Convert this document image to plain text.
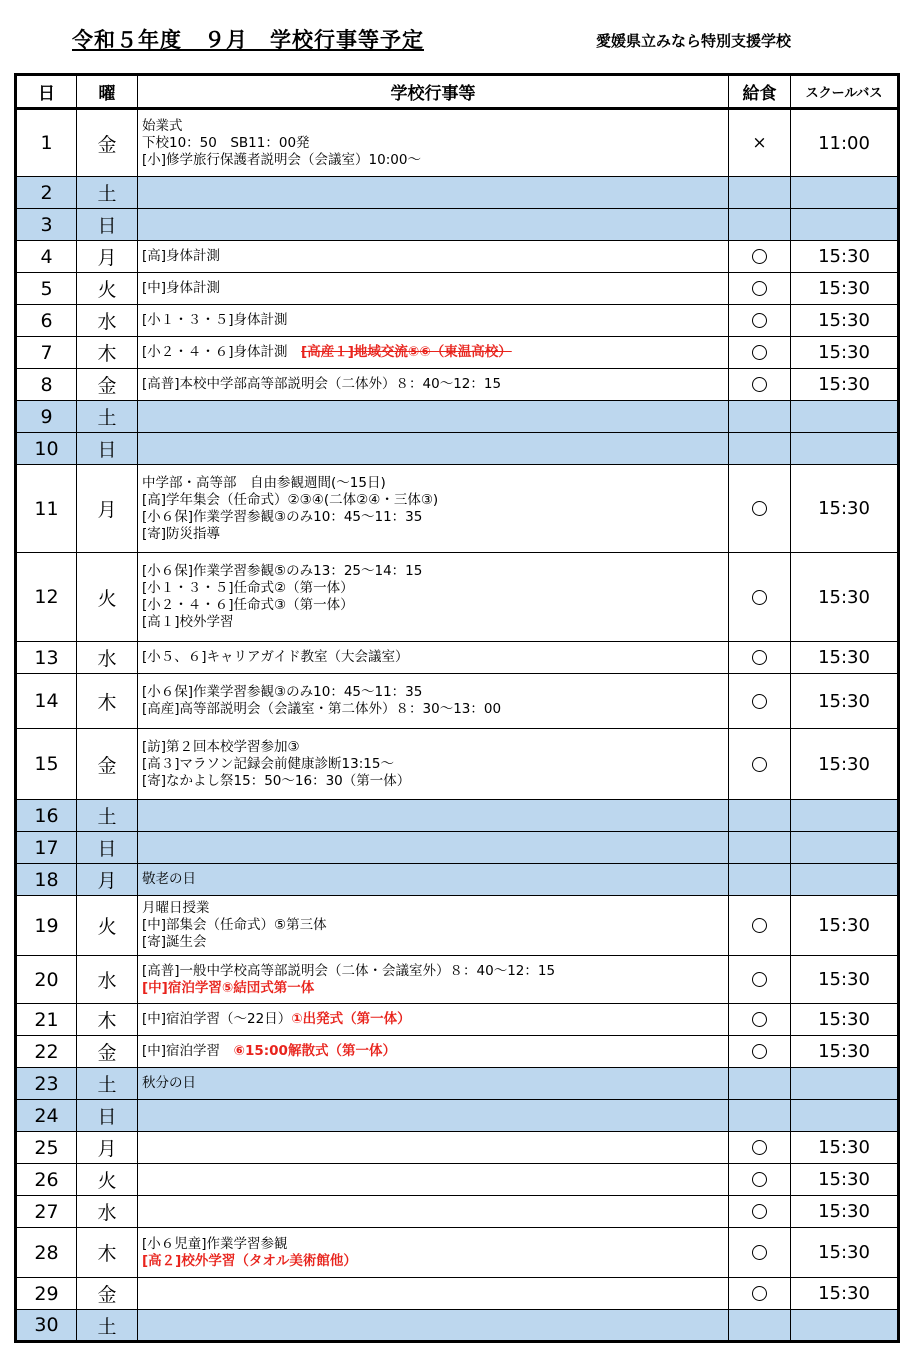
令和５年度　９月　学校行事等予定	愛媛県立みなら特別支援学校
日	曜	学校行事等	給食	スクールバス
1	金	始業式
下校10：50　SB11：00発
[小]修学旅行保護者説明会（会議室）10:00～	×	11:00
2	土			
3	日			
4	月	[高]身体計測		15:30
5	火	[中]身体計測		15:30
6	水	[小１・３・５]身体計測		15:30
7	木	[小２・４・６]身体計測　[高産１]地域交流⑤⑥（東温高校）		15:30
8	金	[高普]本校中学部高等部説明会（二体外）８：40～12：15		15:30
9	土			
10	日			
11	月	中学部・高等部　自由参観週間(～15日)
[高]学年集会（任命式）②③④(二体②④・三体③)
[小６保]作業学習参観③のみ10：45～11：35
[寄]防災指導		15:30
12	火	[小６保]作業学習参観⑤のみ13：25～14：15
[小１・３・５]任命式②（第一体）
[小２・４・６]任命式③（第一体）
[高１]校外学習		15:30
13	水	[小５、６]キャリアガイド教室（大会議室）		15:30
14	木	[小６保]作業学習参観③のみ10：45～11：35
[高産]高等部説明会（会議室・第二体外）８：30～13：00		15:30
15	金	[訪]第２回本校学習参加③
[高３]マラソン記録会前健康診断13:15～
[寄]なかよし祭15：50～16：30（第一体）		15:30
16	土			
17	日			
18	月	敬老の日		

19	火	月曜日授業
[中]部集会（任命式）⑤第三体
[寄]誕生会		15:30
20	水	[高普]一般中学校高等部説明会（二体・会議室外）８：40～12：15
[中]宿泊学習⑤結団式第一体		15:30
21	木	[中]宿泊学習（～22日）①出発式（第一体）		15:30
22	金	[中]宿泊学習　⑥15:00解散式（第一体）		15:30
23	土	秋分の日		

24	日			
25	月			15:30
26	火			15:30
27	水			15:30
28	木	[小６児童]作業学習参観
[高２]校外学習（タオル美術館他）		15:30
29	金			15:30
30	土			
